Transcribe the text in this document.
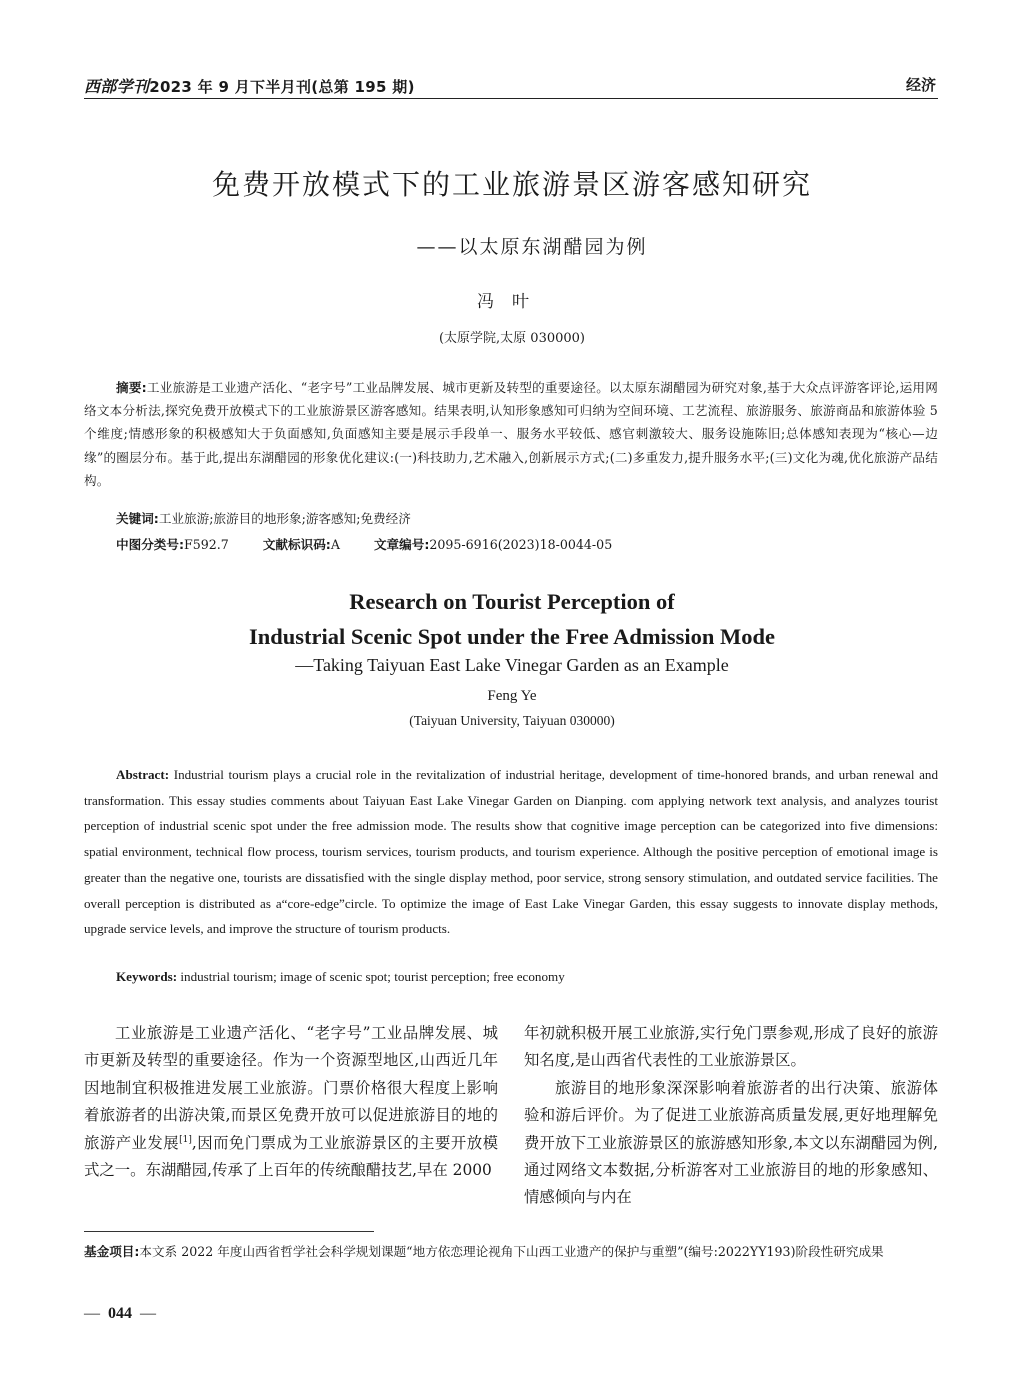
西部学刊2023 年 9 月下半月刊(总第 195 期)	经济
免费开放模式下的工业旅游景区游客感知研究
——以太原东湖醋园为例
冯叶
(太原学院,太原 030000)
摘要:工业旅游是工业遗产活化、“老字号”工业品牌发展、城市更新及转型的重要途径。以太原东湖醋园为研究对象,基于大众点评游客评论,运用网络文本分析法,探究免费开放模式下的工业旅游景区游客感知。结果表明,认知形象感知可归纳为空间环境、工艺流程、旅游服务、旅游商品和旅游体验 5 个维度;情感形象的积极感知大于负面感知,负面感知主要是展示手段单一、服务水平较低、感官刺激较大、服务设施陈旧;总体感知表现为“核心—边缘”的圈层分布。基于此,提出东湖醋园的形象优化建议:(一)科技助力,艺术融入,创新展示方式;(二)多重发力,提升服务水平;(三)文化为魂,优化旅游产品结构。
关键词:工业旅游;旅游目的地形象;游客感知;免费经济
中图分类号:F592.7	文献标识码:A	文章编号:2095-6916(2023)18-0044-05
Research on Tourist Perception of
Industrial Scenic Spot under the Free Admission Mode
—Taking Taiyuan East Lake Vinegar Garden as an Example
Feng Ye
(Taiyuan University, Taiyuan 030000)
Abstract: Industrial tourism plays a crucial role in the revitalization of industrial heritage, development of time-honored brands, and urban renewal and transformation. This essay studies comments about Taiyuan East Lake Vinegar Garden on Dianping. com applying network text analysis, and analyzes tourist perception of industrial scenic spot under the free admission mode. The results show that cognitive image perception can be categorized into five dimensions: spatial environment, technical flow process, tourism services, tourism products, and tourism experience. Although the positive perception of emotional image is greater than the negative one, tourists are dissatisfied with the single display method, poor service, strong sensory stimulation, and outdated service facilities. The overall perception is distributed as a“core-edge”circle. To optimize the image of East Lake Vinegar Garden, this essay suggests to innovate display methods, upgrade service levels, and improve the structure of tourism products.
Keywords: industrial tourism; image of scenic spot; tourist perception; free economy

工业旅游是工业遗产活化、“老字号”工业品牌发展、城市更新及转型的重要途径。作为一个资源型地区,山西近几年因地制宜积极推进发展工业旅游。门票价格很大程度上影响着旅游者的出游决策,而景区免费开放可以促进旅游目的地的旅游产业发展[1],因而免门票成为工业旅游景区的主要开放模式之一。东湖醋园,传承了上百年的传统酿醋技艺,早在 2000

年初就积极开展工业旅游,实行免门票参观,形成了良好的旅游知名度,是山西省代表性的工业旅游景区。

旅游目的地形象深深影响着旅游者的出行决策、旅游体验和游后评价。为了促进工业旅游高质量发展,更好地理解免费开放下工业旅游景区的旅游感知形象,本文以东湖醋园为例,通过网络文本数据,分析游客对工业旅游目的地的形象感知、情感倾向与内在

基金项目:本文系 2022 年度山西省哲学社会科学规划课题“地方依恋理论视角下山西工业遗产的保护与重塑”(编号:2022YY193)阶段性研究成果
— 044 —
